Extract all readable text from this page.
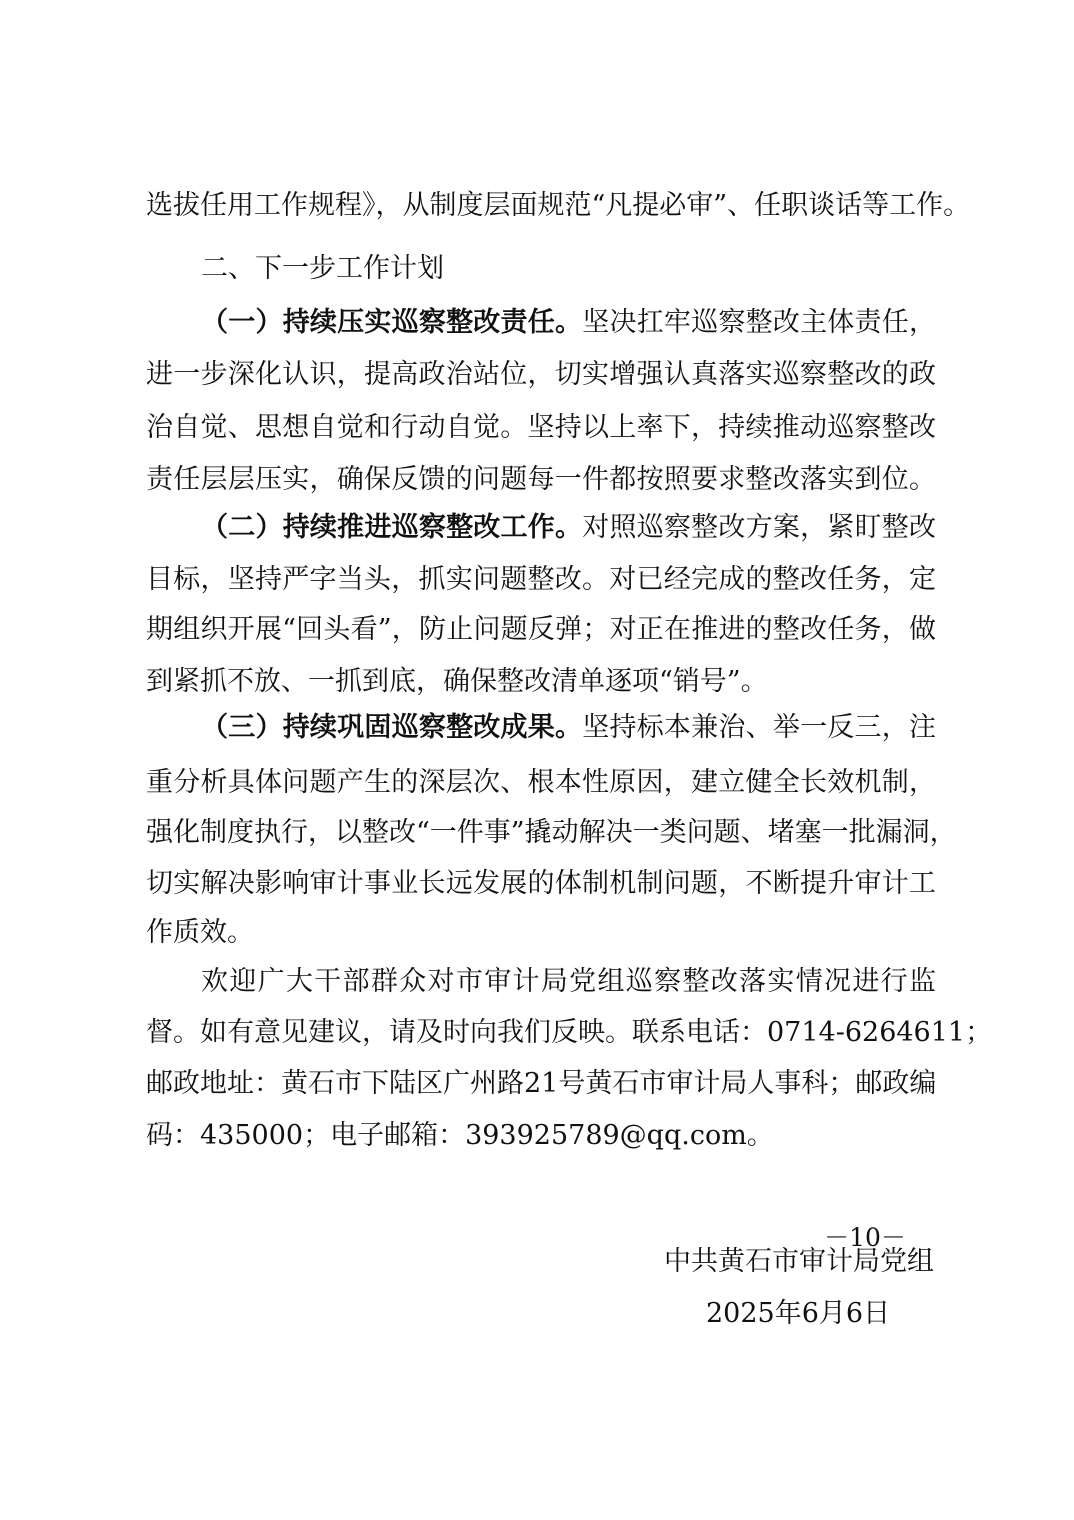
选拔任用工作规程》，从制度层面规范“凡提必审”、任职谈话等工作。
二、下一步工作计划
（一）持续压实巡察整改责任。坚决扛牢巡察整改主体责任，
进一步深化认识，提高政治站位，切实增强认真落实巡察整改的政
治自觉、思想自觉和行动自觉。坚持以上率下，持续推动巡察整改
责任层层压实，确保反馈的问题每一件都按照要求整改落实到位。
（二）持续推进巡察整改工作。对照巡察整改方案，紧盯整改
目标，坚持严字当头，抓实问题整改。对已经完成的整改任务，定
期组织开展“回头看”，防止问题反弹；对正在推进的整改任务，做
到紧抓不放、一抓到底，确保整改清单逐项“销号”。
（三）持续巩固巡察整改成果。坚持标本兼治、举一反三，注
重分析具体问题产生的深层次、根本性原因，建立健全长效机制，
强化制度执行，以整改“一件事”撬动解决一类问题、堵塞一批漏洞，
切实解决影响审计事业长远发展的体制机制问题，不断提升审计工
作质效。
欢迎广大干部群众对市审计局党组巡察整改落实情况进行监
督。如有意见建议，请及时向我们反映。联系电话：0714-6264611；
邮政地址：黄石市下陆区广州路21号黄石市审计局人事科；邮政编
码：435000；电子邮箱：393925789@qq.com。
中共黄石市审计局党组
2025年6月6日
－10－
